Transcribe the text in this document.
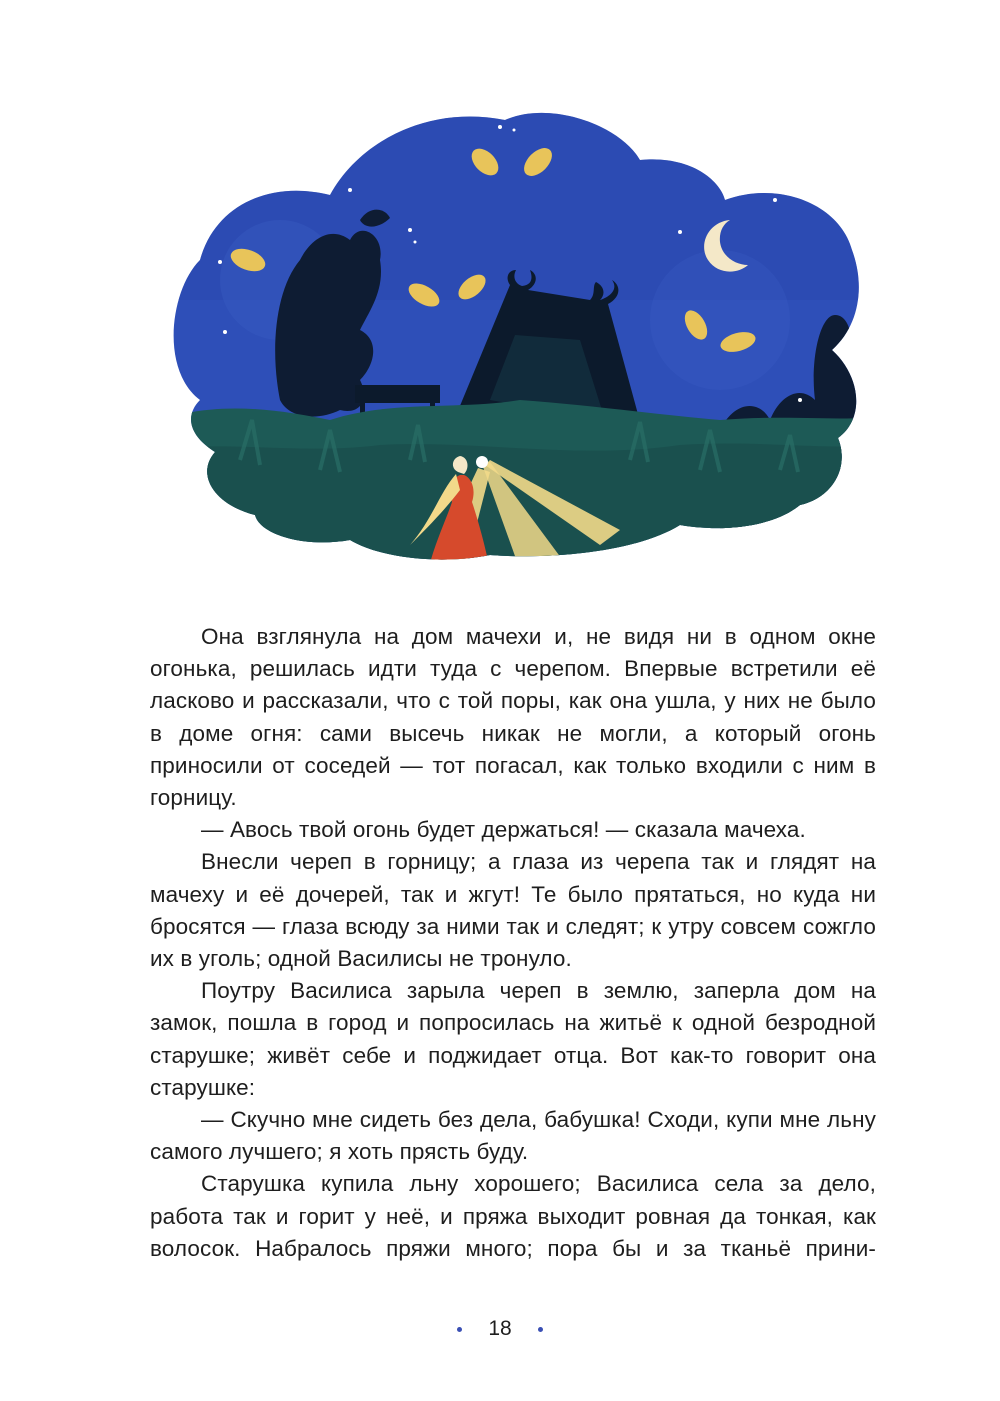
Она взглянула на дом мачехи и, не видя ни в одном окне огонька, решилась идти туда с черепом. Впервые встретили её ласково и рассказали, что с той поры, как она ушла, у них не было в доме огня: сами высечь никак не могли, а который огонь приносили от соседей — тот погасал, как только входили с ним в горницу.

— Авось твой огонь будет держаться! — сказала мачеха.

Внесли череп в горницу; а глаза из черепа так и глядят на мачеху и её дочерей, так и жгут! Те было прятаться, но куда ни бросятся — глаза всюду за ними так и следят; к утру совсем сожгло их в уголь; одной Василисы не тронуло.

Поутру Василиса зарыла череп в землю, заперла дом на замок, пошла в город и попросилась на житьё к одной безродной старушке; живёт себе и поджидает отца. Вот как-то говорит она старушке:

— Скучно мне сидеть без дела, бабушка! Сходи, купи мне льну самого лучшего; я хоть прясть буду.

Старушка купила льну хорошего; Василиса села за дело, работа так и горит у неё, и пряжа выходит ровная да тонкая, как волосок. Набралось пряжи много; пора бы и за тканьё прини-

18
